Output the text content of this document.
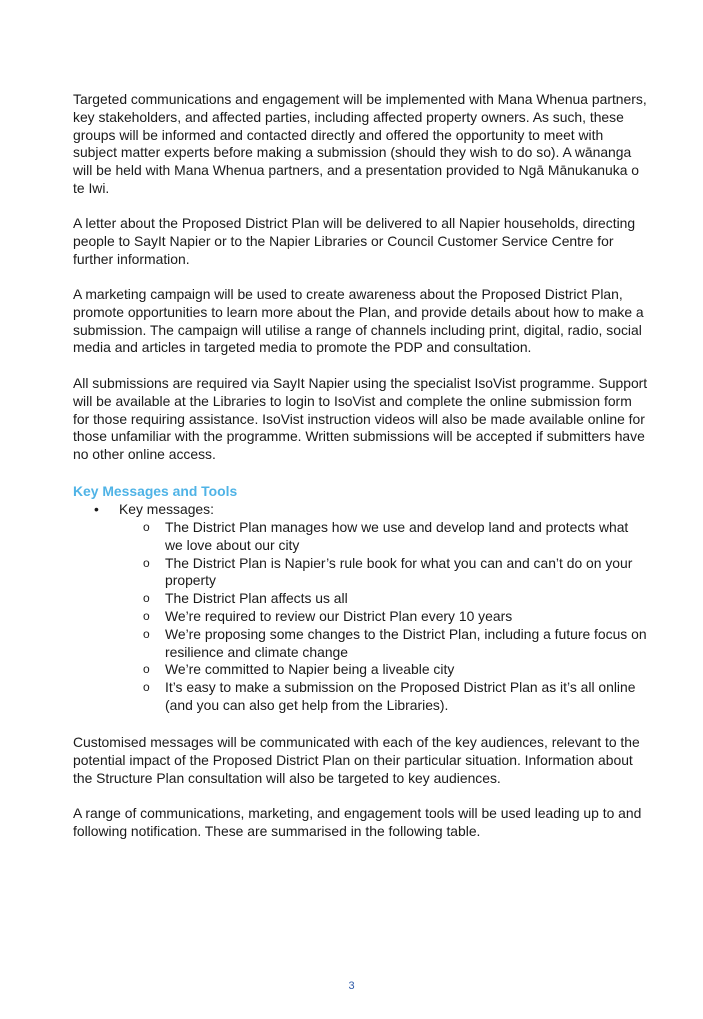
Targeted communications and engagement will be implemented with Mana Whenua partners,
key stakeholders, and affected parties, including affected property owners. As such, these
groups will be informed and contacted directly and offered the opportunity to meet with
subject matter experts before making a submission (should they wish to do so). A wānanga
will be held with Mana Whenua partners, and a presentation provided to Ngā Mānukanuka o
te Iwi.

A letter about the Proposed District Plan will be delivered to all Napier households, directing
people to SayIt Napier or to the Napier Libraries or Council Customer Service Centre for
further information.

A marketing campaign will be used to create awareness about the Proposed District Plan,
promote opportunities to learn more about the Plan, and provide details about how to make a
submission. The campaign will utilise a range of channels including print, digital, radio, social
media and articles in targeted media to promote the PDP and consultation.

All submissions are required via SayIt Napier using the specialist IsoVist programme. Support
will be available at the Libraries to login to IsoVist and complete the online submission form
for those requiring assistance. IsoVist instruction videos will also be made available online for
those unfamiliar with the programme. Written submissions will be accepted if submitters have
no other online access.

Key Messages and Tools
• Key messages:
o The District Plan manages how we use and develop land and protects what
we love about our city
o The District Plan is Napier’s rule book for what you can and can’t do on your
property
o The District Plan affects us all
o We’re required to review our District Plan every 10 years
o We’re proposing some changes to the District Plan, including a future focus on
resilience and climate change
o We’re committed to Napier being a liveable city
o It’s easy to make a submission on the Proposed District Plan as it’s all online
(and you can also get help from the Libraries).

Customised messages will be communicated with each of the key audiences, relevant to the
potential impact of the Proposed District Plan on their particular situation. Information about
the Structure Plan consultation will also be targeted to key audiences.

A range of communications, marketing, and engagement tools will be used leading up to and
following notification. These are summarised in the following table.

3
